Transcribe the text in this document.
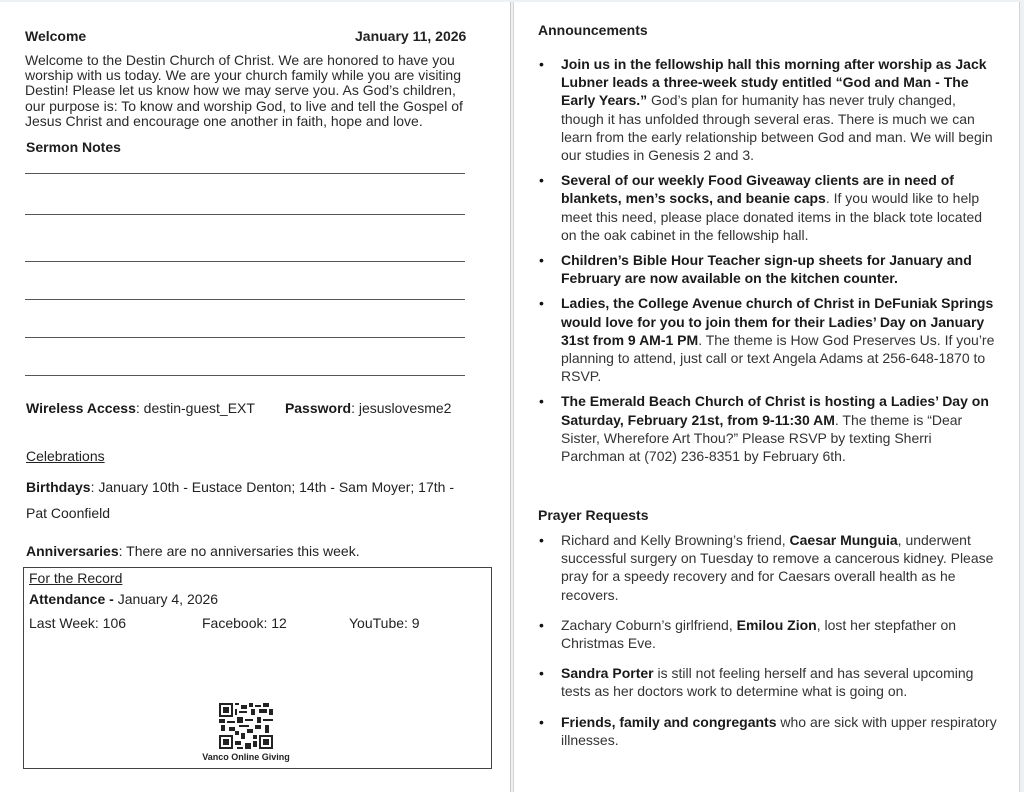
Welcome	January 11, 2026
Welcome to the Destin Church of Christ. We are honored to have you worship with us today. We are your church family while you are visiting Destin! Please let us know how we may serve you. As God’s children, our purpose is: To know and worship God, to live and tell the Gospel of Jesus Christ and encourage one another in faith, hope and love.
Sermon Notes
Wireless Access: destin-guest_EXT Password: jesuslovesme2
Celebrations
Birthdays: January 10th - Eustace Denton; 14th - Sam Moyer; 17th - Pat Coonfield
Anniversaries: There are no anniversaries this week.
For the Record
Attendance - January 4, 2026
Last Week: 106	Facebook: 12	YouTube: 9
Vanco Online Giving
Announcements
• Join us in the fellowship hall this morning after worship as Jack Lubner leads a three-week study entitled “God and Man - The Early Years.” God’s plan for humanity has never truly changed, though it has unfolded through several eras. There is much we can learn from the early relationship between God and man. We will begin our studies in Genesis 2 and 3.
• Several of our weekly Food Giveaway clients are in need of blankets, men’s socks, and beanie caps. If you would like to help meet this need, please place donated items in the black tote located on the oak cabinet in the fellowship hall.
• Children’s Bible Hour Teacher sign-up sheets for January and February are now available on the kitchen counter.
• Ladies, the College Avenue church of Christ in DeFuniak Springs would love for you to join them for their Ladies’ Day on January 31st from 9 AM-1 PM. The theme is How God Preserves Us. If you’re planning to attend, just call or text Angela Adams at 256-648-1870 to RSVP.
• The Emerald Beach Church of Christ is hosting a Ladies’ Day on Saturday, February 21st, from 9-11:30 AM. The theme is “Dear Sister, Wherefore Art Thou?” Please RSVP by texting Sherri Parchman at (702) 236-8351 by February 6th.
Prayer Requests
• Richard and Kelly Browning’s friend, Caesar Munguia, underwent successful surgery on Tuesday to remove a cancerous kidney. Please pray for a speedy recovery and for Caesars overall health as he recovers.
• Zachary Coburn’s girlfriend, Emilou Zion, lost her stepfather on Christmas Eve.
• Sandra Porter is still not feeling herself and has several upcoming tests as her doctors work to determine what is going on.
• Friends, family and congregants who are sick with upper respiratory illnesses.
